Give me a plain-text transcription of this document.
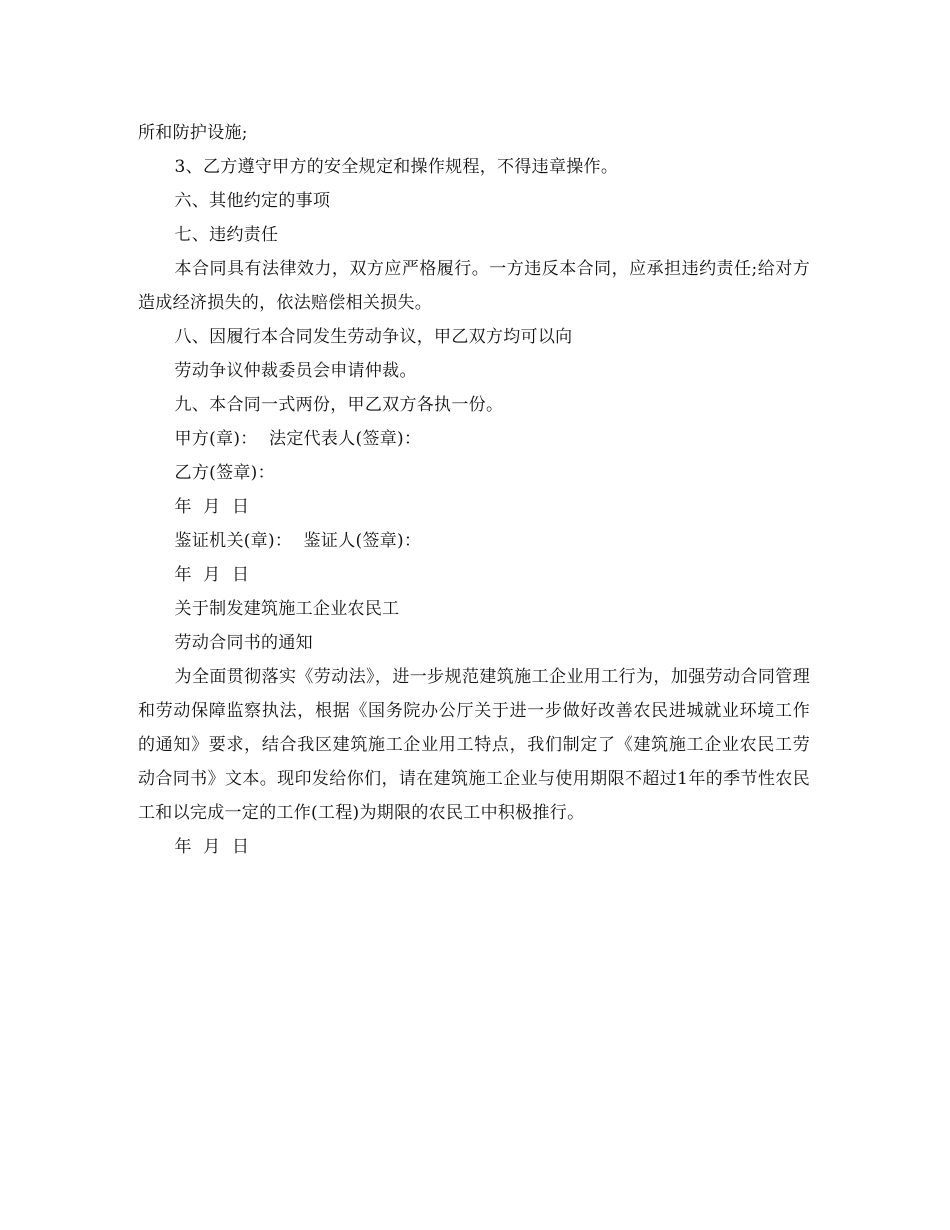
所和防护设施;

3、乙方遵守甲方的安全规定和操作规程，不得违章操作。

六、其他约定的事项

七、违约责任

本合同具有法律效力，双方应严格履行。一方违反本合同，应承担违约责任;给对方造成经济损失的，依法赔偿相关损失。

八、因履行本合同发生劳动争议，甲乙双方均可以向

劳动争议仲裁委员会申请仲裁。

九、本合同一式两份，甲乙双方各执一份。

甲方(章)：  法定代表人(签章)：

乙方(签章)：

年  月  日

鉴证机关(章)：  鉴证人(签章)：

年  月  日

关于制发建筑施工企业农民工

劳动合同书的通知

为全面贯彻落实《劳动法》，进一步规范建筑施工企业用工行为，加强劳动合同管理和劳动保障监察执法，根据《国务院办公厅关于进一步做好改善农民进城就业环境工作的通知》要求，结合我区建筑施工企业用工特点，我们制定了《建筑施工企业农民工劳动合同书》文本。现印发给你们，请在建筑施工企业与使用期限不超过1年的季节性农民工和以完成一定的工作(工程)为期限的农民工中积极推行。

年  月  日
